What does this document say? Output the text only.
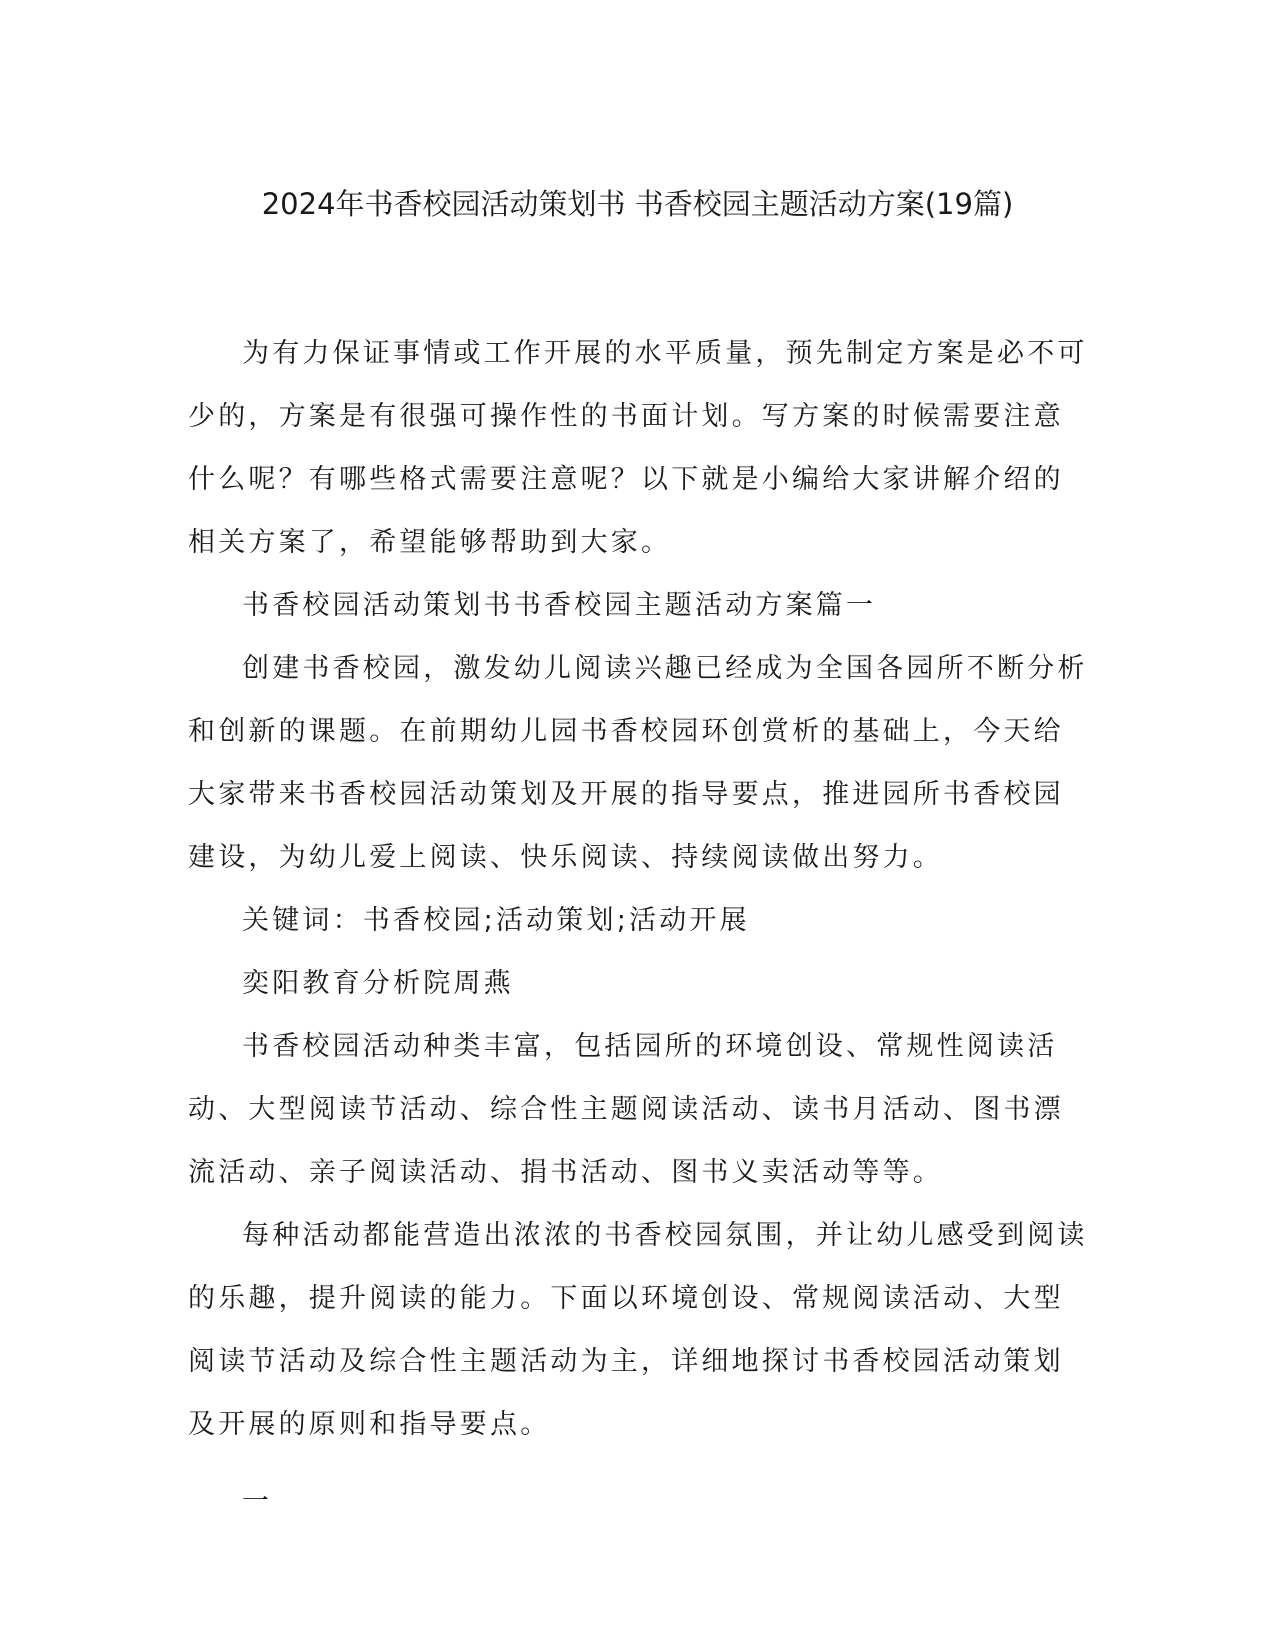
2024年书香校园活动策划书 书香校园主题活动方案(19篇)

为有力保证事情或工作开展的水平质量，预先制定方案是必不可少的，方案是有很强可操作性的书面计划。写方案的时候需要注意什么呢？有哪些格式需要注意呢？以下就是小编给大家讲解介绍的相关方案了，希望能够帮助到大家。

书香校园活动策划书书香校园主题活动方案篇一

创建书香校园，激发幼儿阅读兴趣已经成为全国各园所不断分析和创新的课题。在前期幼儿园书香校园环创赏析的基础上，今天给大家带来书香校园活动策划及开展的指导要点，推进园所书香校园建设，为幼儿爱上阅读、快乐阅读、持续阅读做出努力。

关键词：书香校园;活动策划;活动开展

奕阳教育分析院周燕

书香校园活动种类丰富，包括园所的环境创设、常规性阅读活动、大型阅读节活动、综合性主题阅读活动、读书月活动、图书漂流活动、亲子阅读活动、捐书活动、图书义卖活动等等。

每种活动都能营造出浓浓的书香校园氛围，并让幼儿感受到阅读的乐趣，提升阅读的能力。下面以环境创设、常规阅读活动、大型阅读节活动及综合性主题活动为主，详细地探讨书香校园活动策划及开展的原则和指导要点。

一
